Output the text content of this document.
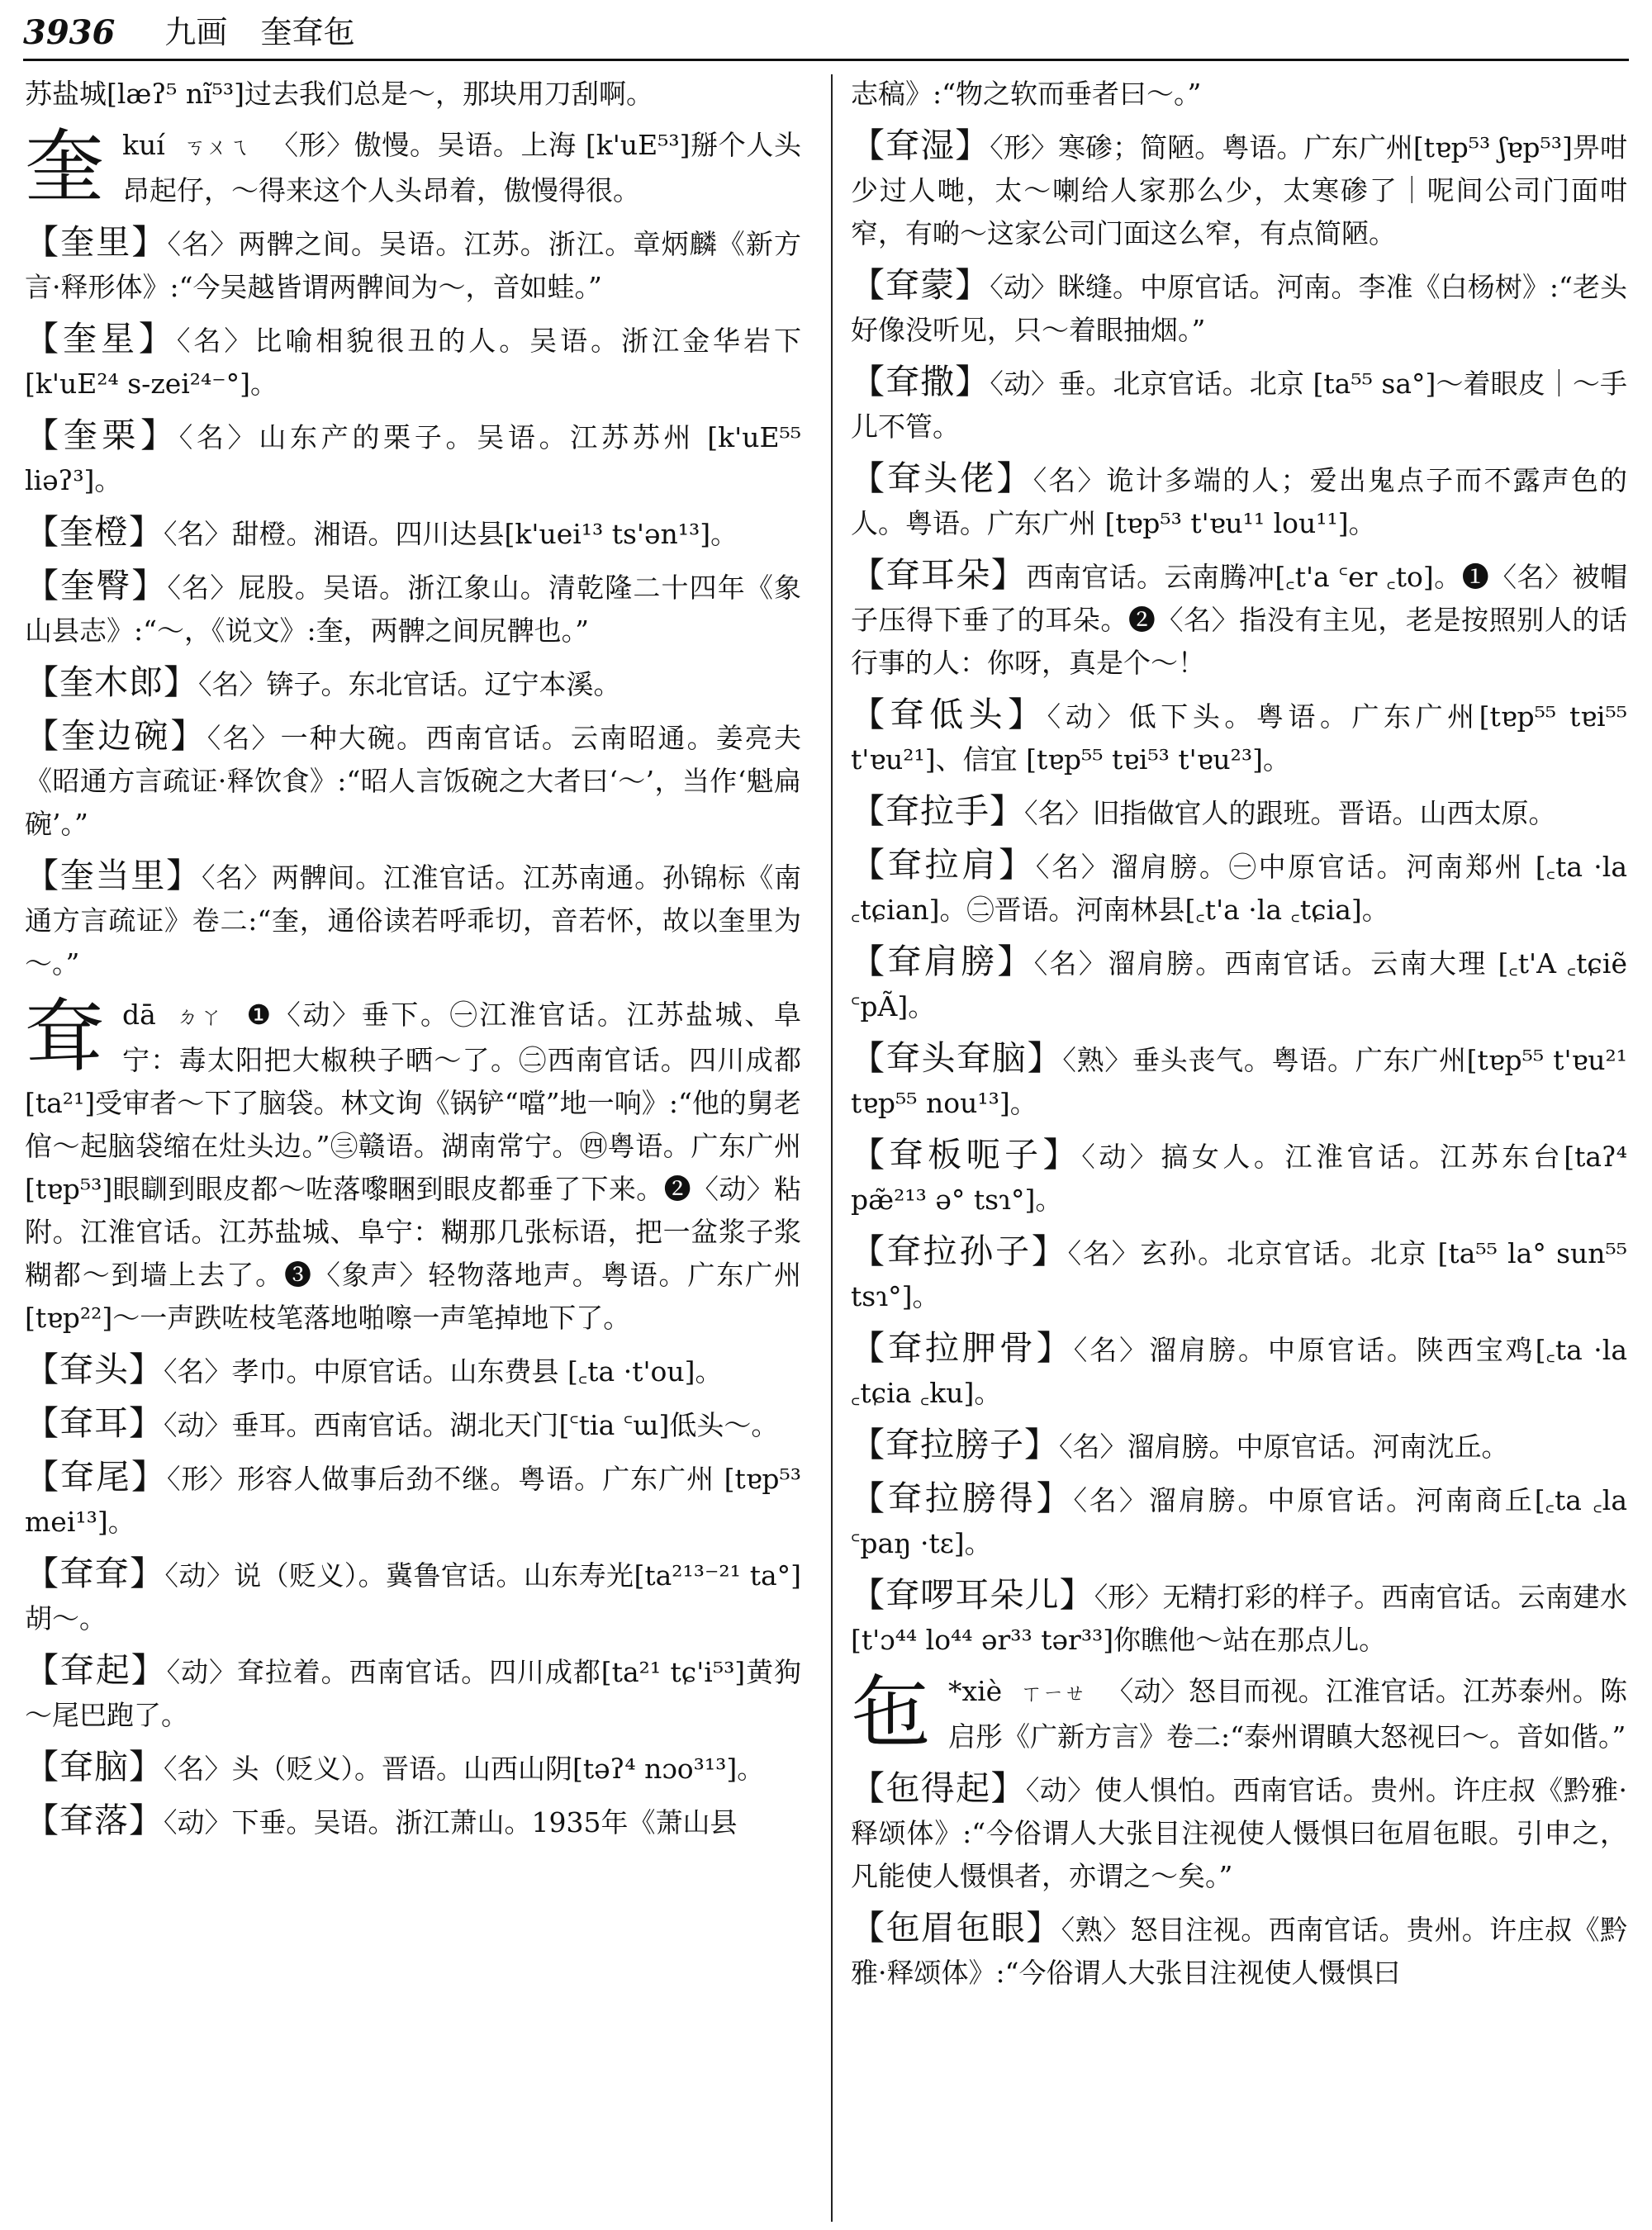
3936 九画 奎耷㐌
苏盐城[læʔ⁵ nĩ⁵³]过去我们总是～，那块用刀刮啊。
奎 kuí ㄎㄨㄟ 〈形〉傲慢。吴语。上海 [k'uE⁵³]掰个人头昂起仔，～得来这个人头昂着，傲慢得很。
【奎里】〈名〉两髀之间。吴语。江苏。浙江。章炳麟《新方言·释形体》:“今吴越皆谓两髀间为～，音如蛙。”
【奎星】〈名〉比喻相貌很丑的人。吴语。浙江金华岩下 [k'uE²⁴ s-zei²⁴⁻°]。
【奎栗】〈名〉山东产的栗子。吴语。江苏苏州 [k'uE⁵⁵ liəʔ³]。
【奎橙】〈名〉甜橙。湘语。四川达县[k'uei¹³ ts'ən¹³]。
【奎臀】〈名〉屁股。吴语。浙江象山。清乾隆二十四年《象山县志》:“～，《说文》:奎，两髀之间尻髀也。”
【奎木郎】〈名〉锛子。东北官话。辽宁本溪。
【奎边碗】〈名〉一种大碗。西南官话。云南昭通。姜亮夫《昭通方言疏证·释饮食》:“昭人言饭碗之大者曰‘～’，当作‘魁扁碗’。”
【奎当里】〈名〉两髀间。江淮官话。江苏南通。孙锦标《南通方言疏证》卷二:“奎，通俗读若呼乖切，音若怀，故以奎里为～。”
耷 dā ㄉㄚ ❶〈动〉垂下。㊀江淮官话。江苏盐城、阜宁：毒太阳把大椒秧子晒～了。㊁西南官话。四川成都[ta²¹]受审者～下了脑袋。林文询《锅铲“噹”地一响》:“他的舅老倌～起脑袋缩在灶头边。”㊂赣语。湖南常宁。㊃粤语。广东广州 [tɐp⁵³]眼瞓到眼皮都～咗落嚟睏到眼皮都垂了下来。❷〈动〉粘附。江淮官话。江苏盐城、阜宁：糊那几张标语，把一盆浆子浆糊都～到墙上去了。❸〈象声〉轻物落地声。粤语。广东广州[tɐp²²]～一声跌咗枝笔落地啪嚓一声笔掉地下了。
【耷头】〈名〉孝巾。中原官话。山东费县 [꜀ta ·t'ou]。
【耷耳】〈动〉垂耳。西南官话。湖北天门[꜂tia ꜂ɯ]低头～。
【耷尾】〈形〉形容人做事后劲不继。粤语。广东广州 [tɐp⁵³ mei¹³]。
【耷耷】〈动〉说（贬义）。冀鲁官话。山东寿光[ta²¹³⁻²¹ ta°]胡～。
【耷起】〈动〉耷拉着。西南官话。四川成都[ta²¹ tɕ'i⁵³]黄狗～尾巴跑了。
【耷脑】〈名〉头（贬义）。晋语。山西山阴[təʔ⁴ nɔo³¹³]。
【耷落】〈动〉下垂。吴语。浙江萧山。1935年《萧山县
志稿》:“物之软而垂者曰～。”
【耷湿】〈形〉寒碜；简陋。粤语。广东广州[tɐp⁵³ ʃɐp⁵³]畀咁少过人哋，太～喇给人家那么少，太寒碜了｜呢间公司门面咁窄，有啲～这家公司门面这么窄，有点简陋。
【耷蒙】〈动〉眯缝。中原官话。河南。李准《白杨树》:“老头好像没听见，只～着眼抽烟。”
【耷撒】〈动〉垂。北京官话。北京 [ta⁵⁵ sa°]～着眼皮｜～手儿不管。
【耷头佬】〈名〉诡计多端的人；爱出鬼点子而不露声色的人。粤语。广东广州 [tɐp⁵³ t'ɐu¹¹ lou¹¹]。
【耷耳朵】西南官话。云南腾冲[꜀t'a ꜂er ꜀to]。❶〈名〉被帽子压得下垂了的耳朵。❷〈名〉指没有主见，老是按照别人的话行事的人：你呀，真是个～！
【耷低头】〈动〉低下头。粤语。广东广州[tɐp⁵⁵ tɐi⁵⁵ t'ɐu²¹]、信宜 [tɐp⁵⁵ tɐi⁵³ t'ɐu²³]。
【耷拉手】〈名〉旧指做官人的跟班。晋语。山西太原。
【耷拉肩】〈名〉溜肩膀。㊀中原官话。河南郑州 [꜀ta ·la ꜀tɕian]。㊁晋语。河南林县[꜀t'a ·la ꜀tɕia]。
【耷肩膀】〈名〉溜肩膀。西南官话。云南大理 [꜀t'A ꜀tɕiẽ ꜂pÃ]。
【耷头耷脑】〈熟〉垂头丧气。粤语。广东广州[tɐp⁵⁵ t'ɐu²¹ tɐp⁵⁵ nou¹³]。
【耷板呃子】〈动〉搞女人。江淮官话。江苏东台[taʔ⁴ pæ̃²¹³ ə° tsɿ°]。
【耷拉孙子】〈名〉玄孙。北京官话。北京 [ta⁵⁵ la° sun⁵⁵ tsɿ°]。
【耷拉胛骨】〈名〉溜肩膀。中原官话。陕西宝鸡[꜀ta ·la ꜀tɕia ꜀ku]。
【耷拉膀子】〈名〉溜肩膀。中原官话。河南沈丘。
【耷拉膀得】〈名〉溜肩膀。中原官话。河南商丘[꜀ta ꜀la ꜂paŋ ·tɛ]。
【耷啰耳朵儿】〈形〉无精打彩的样子。西南官话。云南建水[t'ɔ⁴⁴ lo⁴⁴ ər³³ tər³³]你瞧他～站在那点儿。
㐌 *xiè ㄒㄧㄝ 〈动〉怒目而视。江淮官话。江苏泰州。陈启彤《广新方言》卷二:“泰州谓瞋大怒视曰～。音如偕。”
【㐌得起】〈动〉使人惧怕。西南官话。贵州。许庄叔《黔雅·释颂体》:“今俗谓人大张目注视使人慑惧曰㐌眉㐌眼。引申之，凡能使人慑惧者，亦谓之～矣。”
【㐌眉㐌眼】〈熟〉怒目注视。西南官话。贵州。许庄叔《黔雅·释颂体》:“今俗谓人大张目注视使人慑惧曰
